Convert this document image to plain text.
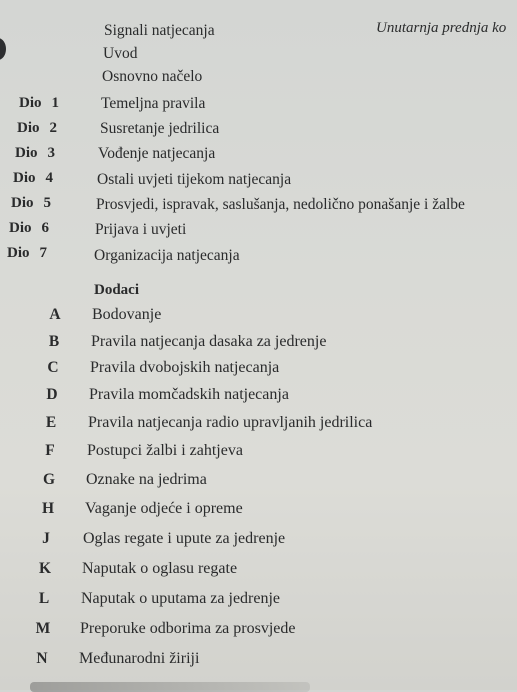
Unutarnja prednja ko
Signali natjecanja
Uvod
Osnovno načelo
Dio 1	Temeljna pravila
Dio 2	Susretanje jedrilica
Dio 3	Vođenje natjecanja
Dio 4	Ostali uvjeti tijekom natjecanja
Dio 5	Prosvjedi, ispravak, saslušanja, nedolično ponašanje i žalbe
Dio 6	Prijava i uvjeti
Dio 7	Organizacija natjecanja
Dodaci
A	Bodovanje
B	Pravila natjecanja dasaka za jedrenje
C	Pravila dvobojskih natjecanja
D	Pravila momčadskih natjecanja
E	Pravila natjecanja radio upravljanih jedrilica
F	Postupci žalbi i zahtjeva
G	Oznake na jedrima
H	Vaganje odjeće i opreme
J	Oglas regate i upute za jedrenje
K	Naputak o oglasu regate
L	Naputak o uputama za jedrenje
M	Preporuke odborima za prosvjede
N	Međunarodni žiriji
